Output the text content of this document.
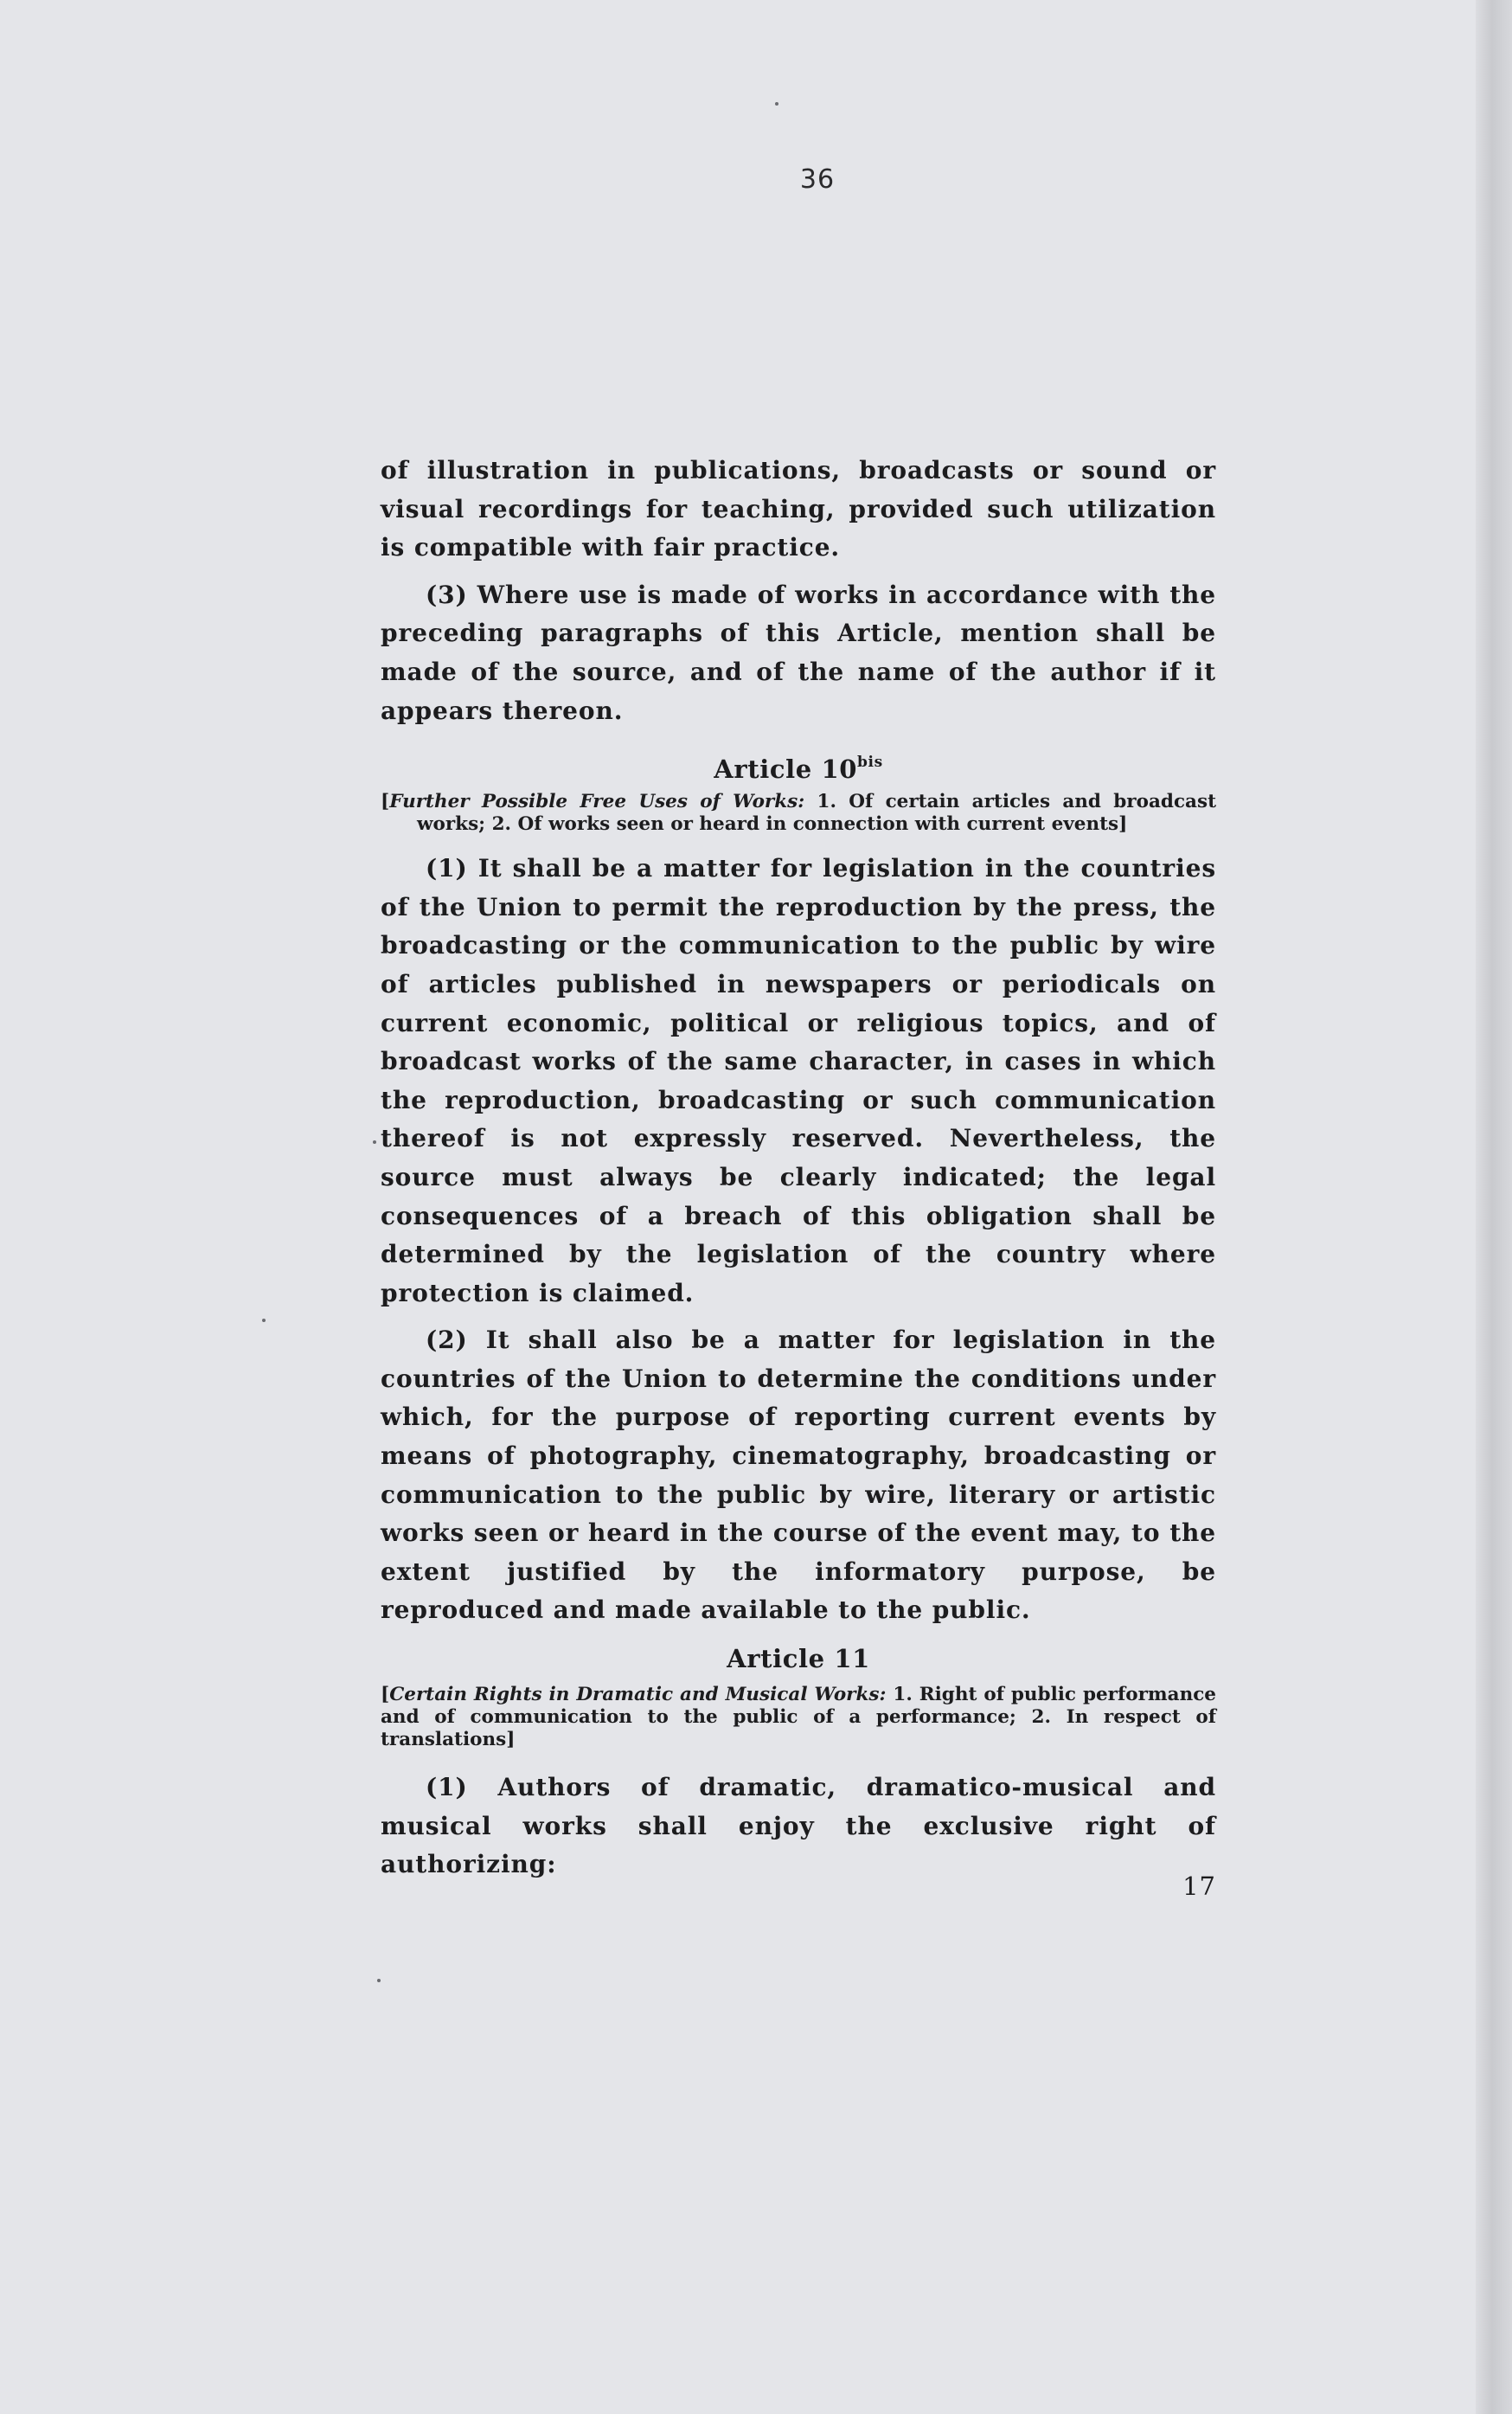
36

of illustration in publications, broadcasts or sound or visual recordings for teaching, provided such utilization is compatible with fair practice.

(3) Where use is made of works in accordance with the preceding paragraphs of this Article, mention shall be made of the source, and of the name of the author if it appears thereon.

Article $10^{bis}$

[Further Possible Free Uses of Works: 1. Of certain articles and broadcast works; 2. Of works seen or heard in connection with current events]

(1) It shall be a matter for legislation in the countries of the Union to permit the reproduction by the press, the broadcasting or the communication to the public by wire of articles published in newspapers or periodicals on current economic, political or religious topics, and of broadcast works of the same character, in cases in which the reproduction, broadcasting or such communication thereof is not expressly reserved. Nevertheless, the source must always be clearly indicated; the legal consequences of a breach of this obligation shall be determined by the legislation of the country where protection is claimed.

(2) It shall also be a matter for legislation in the countries of the Union to determine the conditions under which, for the purpose of reporting current events by means of photography, cinematography, broadcasting or communication to the public by wire, literary or artistic works seen or heard in the course of the event may, to the extent justified by the informatory purpose, be reproduced and made available to the public.

Article 11

[Certain Rights in Dramatic and Musical Works: 1. Right of public performance and of communication to the public of a performance; 2. In respect of translations]

(1) Authors of dramatic, dramatico-musical and musical works shall enjoy the exclusive right of authorizing:

17
